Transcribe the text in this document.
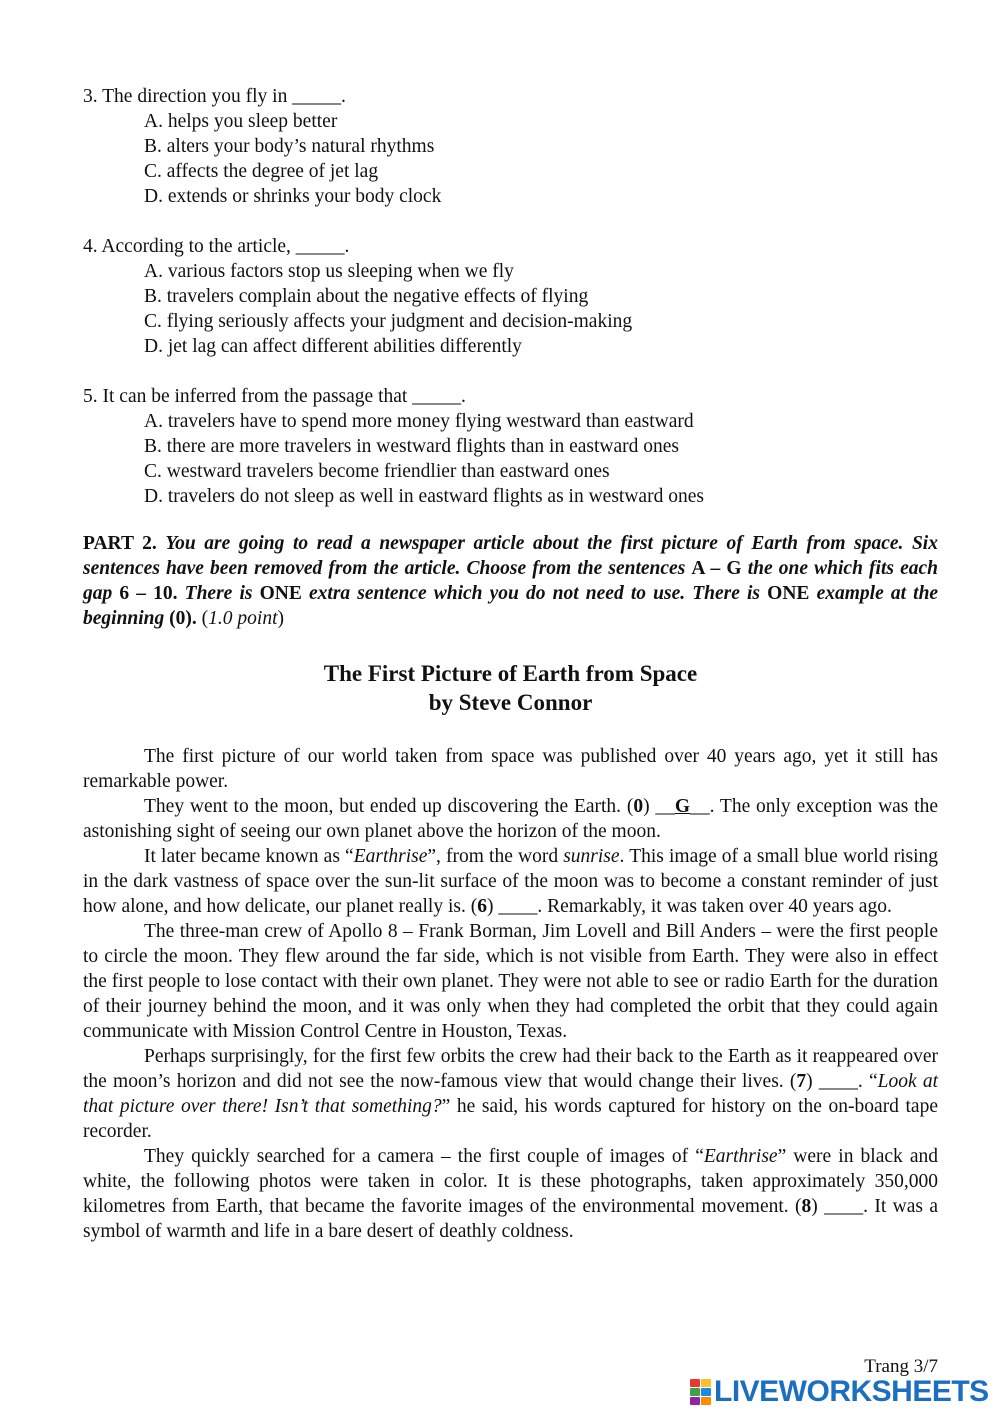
3. The direction you fly in _____.
A. helps you sleep better
B. alters your body’s natural rhythms
C. affects the degree of jet lag
D. extends or shrinks your body clock
4. According to the article, _____.
A. various factors stop us sleeping when we fly
B. travelers complain about the negative effects of flying
C. flying seriously affects your judgment and decision-making
D. jet lag can affect different abilities differently
5. It can be inferred from the passage that _____.
A. travelers have to spend more money flying westward than eastward
B. there are more travelers in westward flights than in eastward ones
C. westward travelers become friendlier than eastward ones
D. travelers do not sleep as well in eastward flights as in westward ones
PART 2. You are going to read a newspaper article about the first picture of Earth from space. Six sentences have been removed from the article. Choose from the sentences A – G the one which fits each gap 6 – 10. There is ONE extra sentence which you do not need to use. There is ONE example at the beginning (0). (1.0 point)
The First Picture of Earth from Space
by Steve Connor

The first picture of our world taken from space was published over 40 years ago, yet it still has remarkable power.

They went to the moon, but ended up discovering the Earth. (0) __G__. The only exception was the astonishing sight of seeing our own planet above the horizon of the moon.

It later became known as “Earthrise”, from the word sunrise. This image of a small blue world rising in the dark vastness of space over the sun-lit surface of the moon was to become a constant reminder of just how alone, and how delicate, our planet really is. (6) ____. Remarkably, it was taken over 40 years ago.

The three-man crew of Apollo 8 – Frank Borman, Jim Lovell and Bill Anders – were the first people to circle the moon. They flew around the far side, which is not visible from Earth. They were also in effect the first people to lose contact with their own planet. They were not able to see or radio Earth for the duration of their journey behind the moon, and it was only when they had completed the orbit that they could again communicate with Mission Control Centre in Houston, Texas.

Perhaps surprisingly, for the first few orbits the crew had their back to the Earth as it reappeared over the moon’s horizon and did not see the now-famous view that would change their lives. (7) ____. “Look at that picture over there! Isn’t that something?” he said, his words captured for history on the on-board tape recorder.

They quickly searched for a camera – the first couple of images of “Earthrise” were in black and white, the following photos were taken in color. It is these photographs, taken approximately 350,000 kilometres from Earth, that became the favorite images of the environmental movement. (8) ____. It was a symbol of warmth and life in a bare desert of deathly coldness.

Trang 3/7
LIVEWORKSHEETS
